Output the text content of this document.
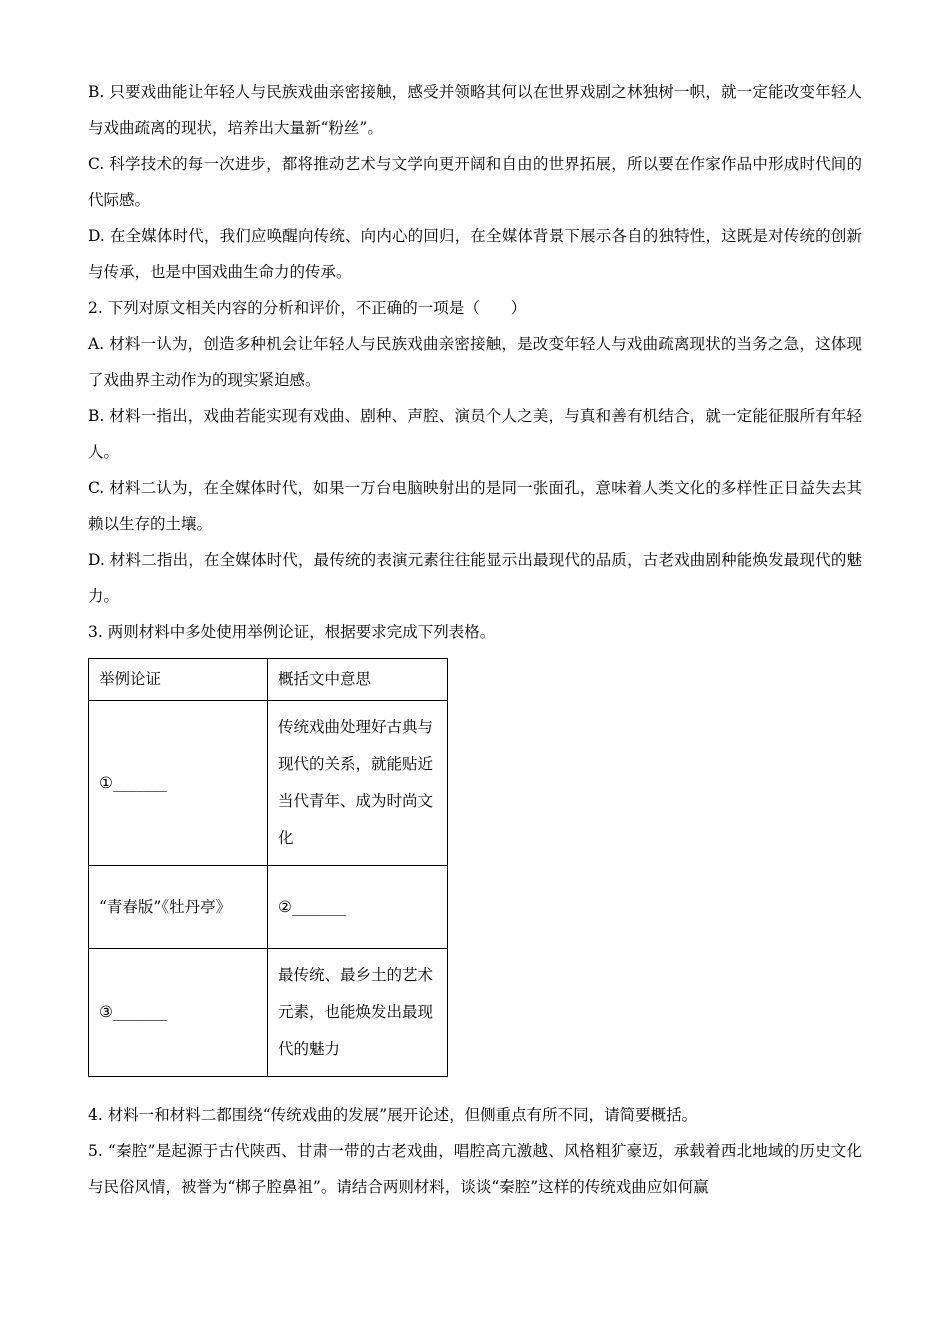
B. 只要戏曲能让年轻人与民族戏曲亲密接触，感受并领略其何以在世界戏剧之林独树一帜，就一定能改变年轻人与戏曲疏离的现状，培养出大量新“粉丝”。

C. 科学技术的每一次进步，都将推动艺术与文学向更开阔和自由的世界拓展，所以要在作家作品中形成时代间的代际感。

D. 在全媒体时代，我们应唤醒向传统、向内心的回归，在全媒体背景下展示各自的独特性，这既是对传统的创新与传承，也是中国戏曲生命力的传承。

2. 下列对原文相关内容的分析和评价，不正确的一项是（　　）

A. 材料一认为，创造多种机会让年轻人与民族戏曲亲密接触，是改变年轻人与戏曲疏离现状的当务之急，这体现了戏曲界主动作为的现实紧迫感。

B. 材料一指出，戏曲若能实现有戏曲、剧种、声腔、演员个人之美，与真和善有机结合，就一定能征服所有年轻人。

C. 材料二认为，在全媒体时代，如果一万台电脑映射出的是同一张面孔，意味着人类文化的多样性正日益失去其赖以生存的土壤。

D. 材料二指出，在全媒体时代，最传统的表演元素往往能显示出最现代的品质，古老戏曲剧种能焕发最现代的魅力。

3. 两则材料中多处使用举例论证，根据要求完成下列表格。

举例论证	概括文中意思
①_______	传统戏曲处理好古典与现代的关系，就能贴近当代青年、成为时尚文化
“青春版”《牡丹亭》	②_______
③_______	最传统、最乡土的艺术元素，也能焕发出最现代的魅力

4. 材料一和材料二都围绕“传统戏曲的发展”展开论述，但侧重点有所不同，请简要概括。

5. “秦腔”是起源于古代陕西、甘肃一带的古老戏曲，唱腔高亢激越、风格粗犷豪迈，承载着西北地域的历史文化与民俗风情，被誉为“梆子腔鼻祖”。请结合两则材料，谈谈“秦腔”这样的传统戏曲应如何赢
